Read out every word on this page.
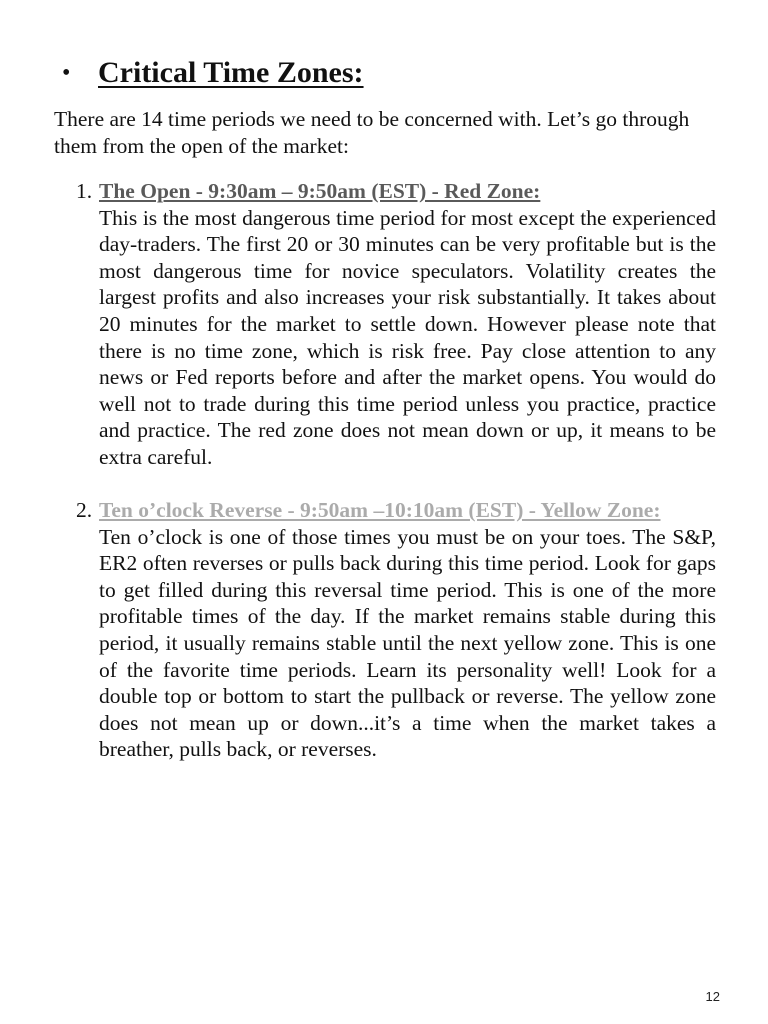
• Critical Time Zones:
There are 14 time periods we need to be concerned with. Let’s go through them from the open of the market:
1. The Open - 9:30am – 9:50am (EST) - Red Zone:
This is the most dangerous time period for most except the experienced day-traders. The first 20 or 30 minutes can be very profitable but is the most dangerous time for novice speculators. Volatility creates the largest profits and also increases your risk substantially. It takes about 20 minutes for the market to settle down. However please note that there is no time zone, which is risk free. Pay close attention to any news or Fed reports before and after the market opens. You would do well not to trade during this time period unless you practice, practice and practice. The red zone does not mean down or up, it means to be extra careful.
2. Ten o’clock Reverse - 9:50am –10:10am (EST) - Yellow Zone:
Ten o’clock is one of those times you must be on your toes. The S&P, ER2 often reverses or pulls back during this time period. Look for gaps to get filled during this reversal time period. This is one of the more profitable times of the day. If the market remains stable during this period, it usually remains stable until the next yellow zone. This is one of the favorite time periods. Learn its personality well! Look for a double top or bottom to start the pullback or reverse. The yellow zone does not mean up or down...it’s a time when the market takes a breather, pulls back, or reverses.
12
